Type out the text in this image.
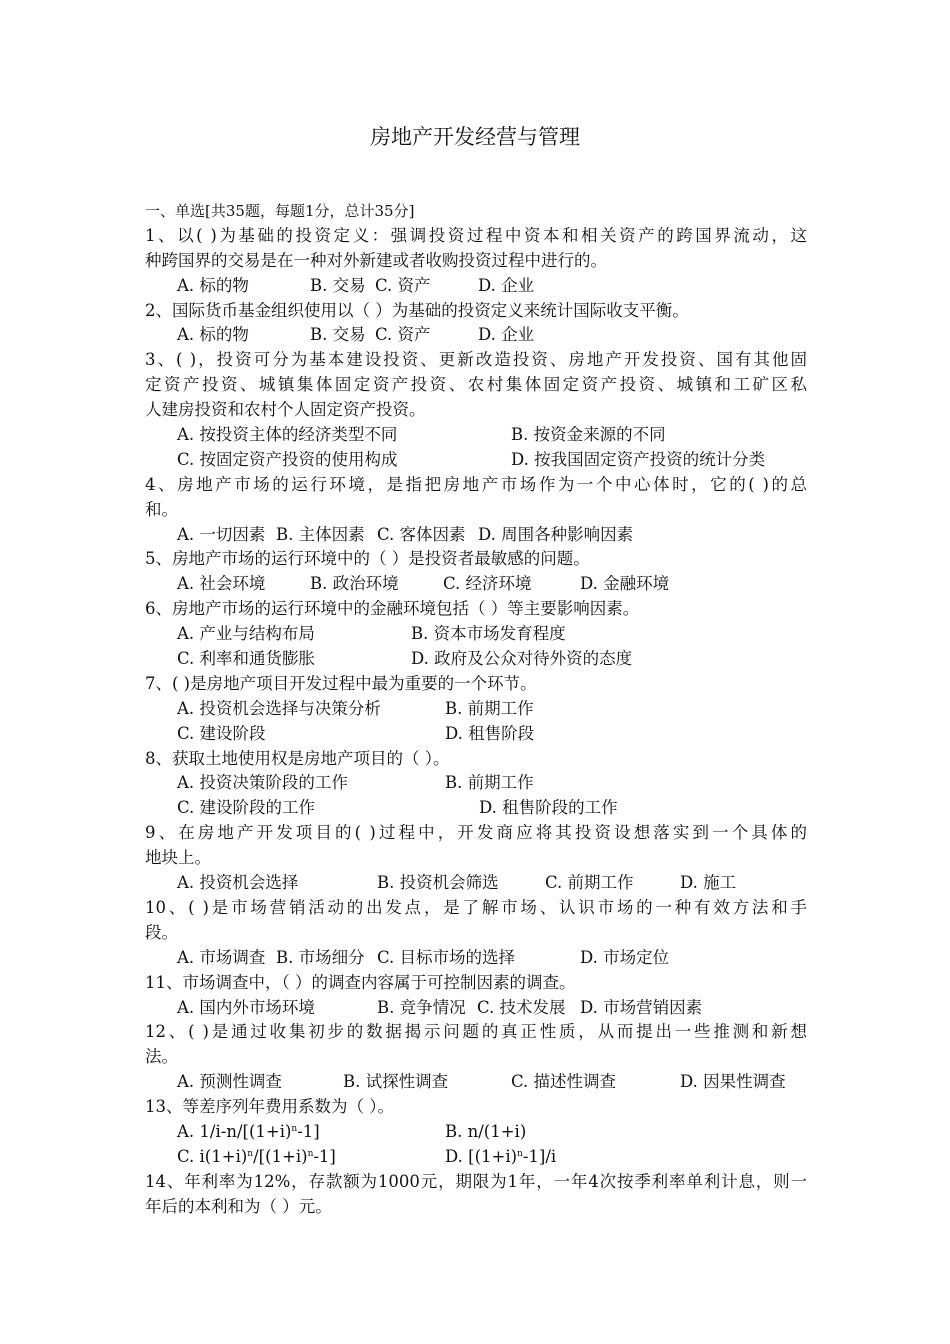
房地产开发经营与管理
一、单选[共35题，每题1分，总计35分]
1、以( )为基础的投资定义：强调投资过程中资本和相关资产的跨国界流动，这
种跨国界的交易是在一种对外新建或者收购投资过程中进行的。
A. 标的物	B. 交易 C. 资产	D. 企业
2、国际货币基金组织使用以（ ）为基础的投资定义来统计国际收支平衡。
A. 标的物	B. 交易 C. 资产	D. 企业
3、( )，投资可分为基本建设投资、更新改造投资、房地产开发投资、国有其他固
定资产投资、城镇集体固定资产投资、农村集体固定资产投资、城镇和工矿区私
人建房投资和农村个人固定资产投资。
A. 按投资主体的经济类型不同	B. 按资金来源的不同
C. 按固定资产投资的使用构成	D. 按我国固定资产投资的统计分类
4、房地产市场的运行环境，是指把房地产市场作为一个中心体时，它的( )的总
和。
A. 一切因素 B. 主体因素 C. 客体因素 D. 周围各种影响因素
5、房地产市场的运行环境中的（ ）是投资者最敏感的问题。
A. 社会环境	B. 政治环境	C. 经济环境	D. 金融环境
6、房地产市场的运行环境中的金融环境包括（ ）等主要影响因素。
A. 产业与结构布局	B. 资本市场发育程度
C. 利率和通货膨胀	D. 政府及公众对待外资的态度
7、( )是房地产项目开发过程中最为重要的一个环节。
A. 投资机会选择与决策分析	B. 前期工作
C. 建设阶段	D. 租售阶段
8、获取土地使用权是房地产项目的（ ）。
A. 投资决策阶段的工作	B. 前期工作
C. 建设阶段的工作	D. 租售阶段的工作
9、在房地产开发项目的( )过程中，开发商应将其投资设想落实到一个具体的
地块上。
A. 投资机会选择	B. 投资机会筛选	C. 前期工作	D. 施工
10、( )是市场营销活动的出发点，是了解市场、认识市场的一种有效方法和手
段。
A. 市场调查 B. 市场细分 C. 目标市场的选择	D. 市场定位
11、市场调查中，（ ）的调查内容属于可控制因素的调查。
A. 国内外市场环境	B. 竞争情况 C. 技术发展 D. 市场营销因素
12、( )是通过收集初步的数据揭示问题的真正性质，从而提出一些推测和新想
法。
A. 预测性调查	B. 试探性调查	C. 描述性调查	D. 因果性调查
13、等差序列年费用系数为（ ）。
A. $1/i-n/[(1+i)^n-1]$	B. n/(1+i)
C. $i(1+i)^n/[(1+i)^n-1]$	D. $[(1+i)^n-1]/i$
14、年利率为12%，存款额为1000元，期限为1年，一年4次按季利率单利计息，则一
年后的本利和为（ ）元。
